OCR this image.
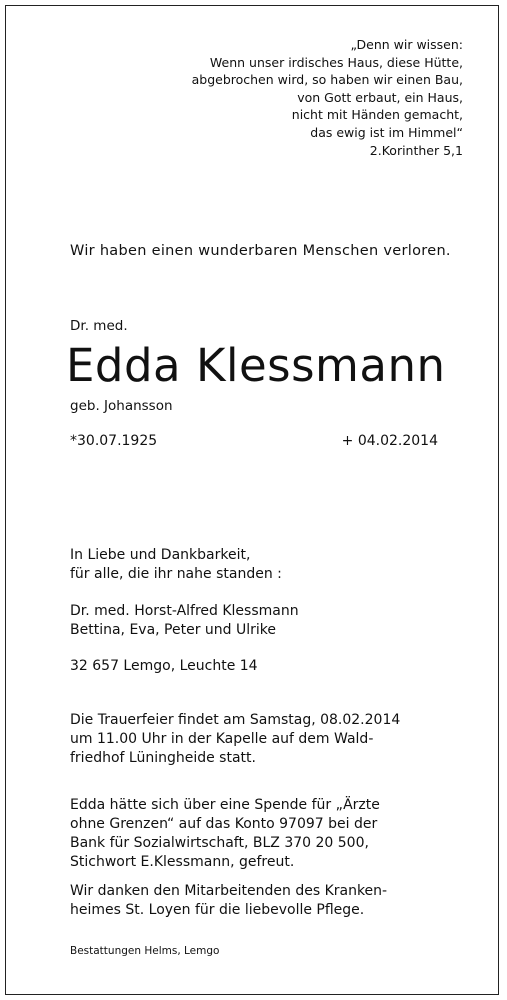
„Denn wir wissen:
Wenn unser irdisches Haus, diese Hütte,
abgebrochen wird, so haben wir einen Bau,
von Gott erbaut, ein Haus,
nicht mit Händen gemacht,
das ewig ist im Himmel“
2.Korinther 5,1
Wir haben einen wunderbaren Menschen verloren.
Dr. med.
Edda Klessmann
geb. Johansson
*30.07.1925	+ 04.02.2014
In Liebe und Dankbarkeit,
für alle, die ihr nahe standen :
Dr. med. Horst-Alfred Klessmann
Bettina, Eva, Peter und Ulrike
32 657 Lemgo, Leuchte 14
Die Trauerfeier findet am Samstag, 08.02.2014
um 11.00 Uhr in der Kapelle auf dem Wald-
friedhof Lüningheide statt.
Edda hätte sich über eine Spende für „Ärzte
ohne Grenzen“ auf das Konto 97097 bei der
Bank für Sozialwirtschaft, BLZ 370 20 500,
Stichwort E.Klessmann, gefreut.
Wir danken den Mitarbeitenden des Kranken-
heimes St. Loyen für die liebevolle Pflege.
Bestattungen Helms, Lemgo
